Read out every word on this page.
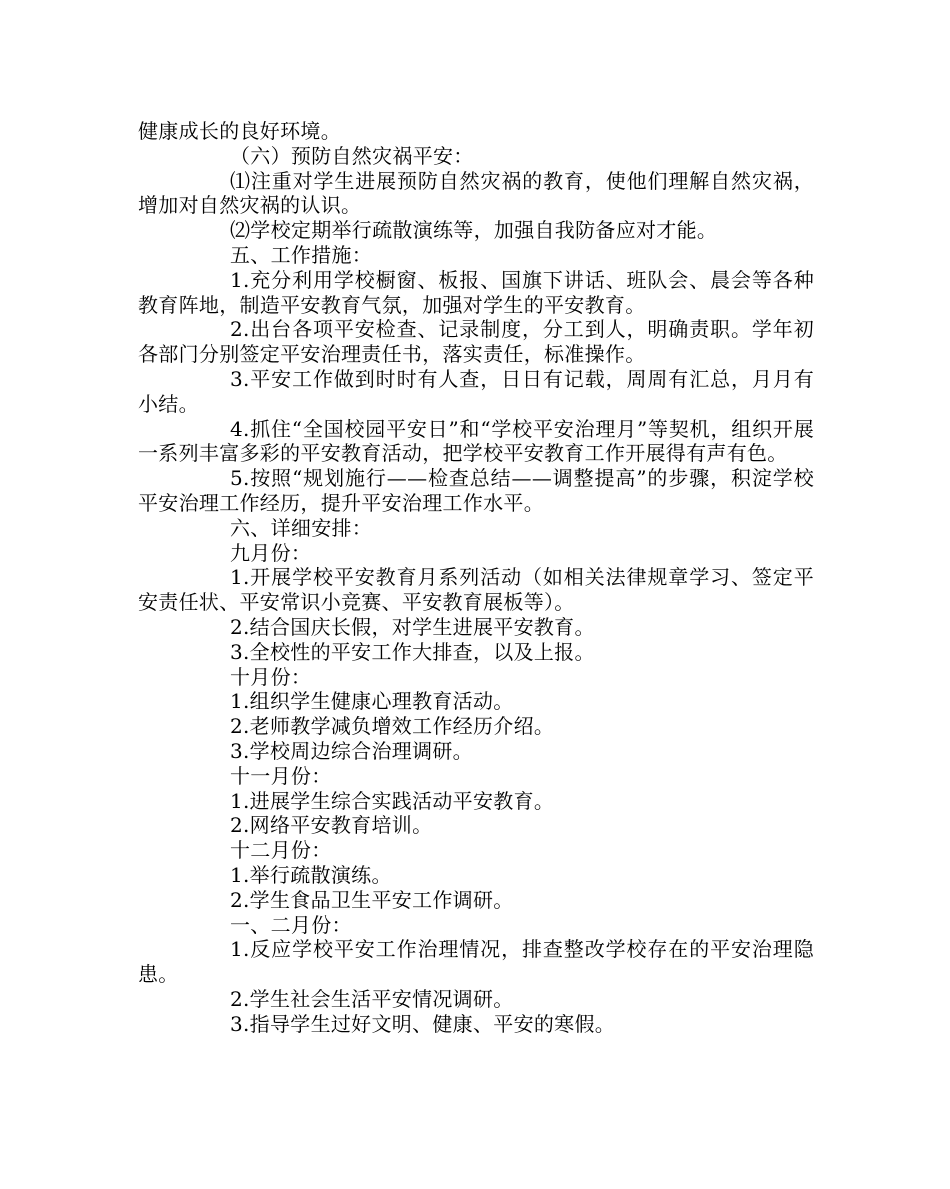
健康成长的良好环境。

（六）预防自然灾祸平安：

⑴注重对学生进展预防自然灾祸的教育，使他们理解自然灾祸，增加对自然灾祸的认识。

⑵学校定期举行疏散演练等，加强自我防备应对才能。

五、工作措施：

1.充分利用学校橱窗、板报、国旗下讲话、班队会、晨会等各种教育阵地，制造平安教育气氛，加强对学生的平安教育。

2.出台各项平安检查、记录制度，分工到人，明确责职。学年初各部门分别签定平安治理责任书，落实责任，标准操作。

3.平安工作做到时时有人查，日日有记载，周周有汇总，月月有小结。

4.抓住“全国校园平安日”和“学校平安治理月”等契机，组织开展一系列丰富多彩的平安教育活动，把学校平安教育工作开展得有声有色。

5.按照“规划施行——检查总结——调整提高”的步骤，积淀学校平安治理工作经历，提升平安治理工作水平。

六、详细安排：

九月份：

1.开展学校平安教育月系列活动（如相关法律规章学习、签定平安责任状、平安常识小竞赛、平安教育展板等）。

2.结合国庆长假，对学生进展平安教育。

3.全校性的平安工作大排查，以及上报。

十月份：

1.组织学生健康心理教育活动。

2.老师教学减负增效工作经历介绍。

3.学校周边综合治理调研。

十一月份：

1.进展学生综合实践活动平安教育。

2.网络平安教育培训。

十二月份：

1.举行疏散演练。

2.学生食品卫生平安工作调研。

一、二月份：

1.反应学校平安工作治理情况，排查整改学校存在的平安治理隐患。

2.学生社会生活平安情况调研。

3.指导学生过好文明、健康、平安的寒假。
